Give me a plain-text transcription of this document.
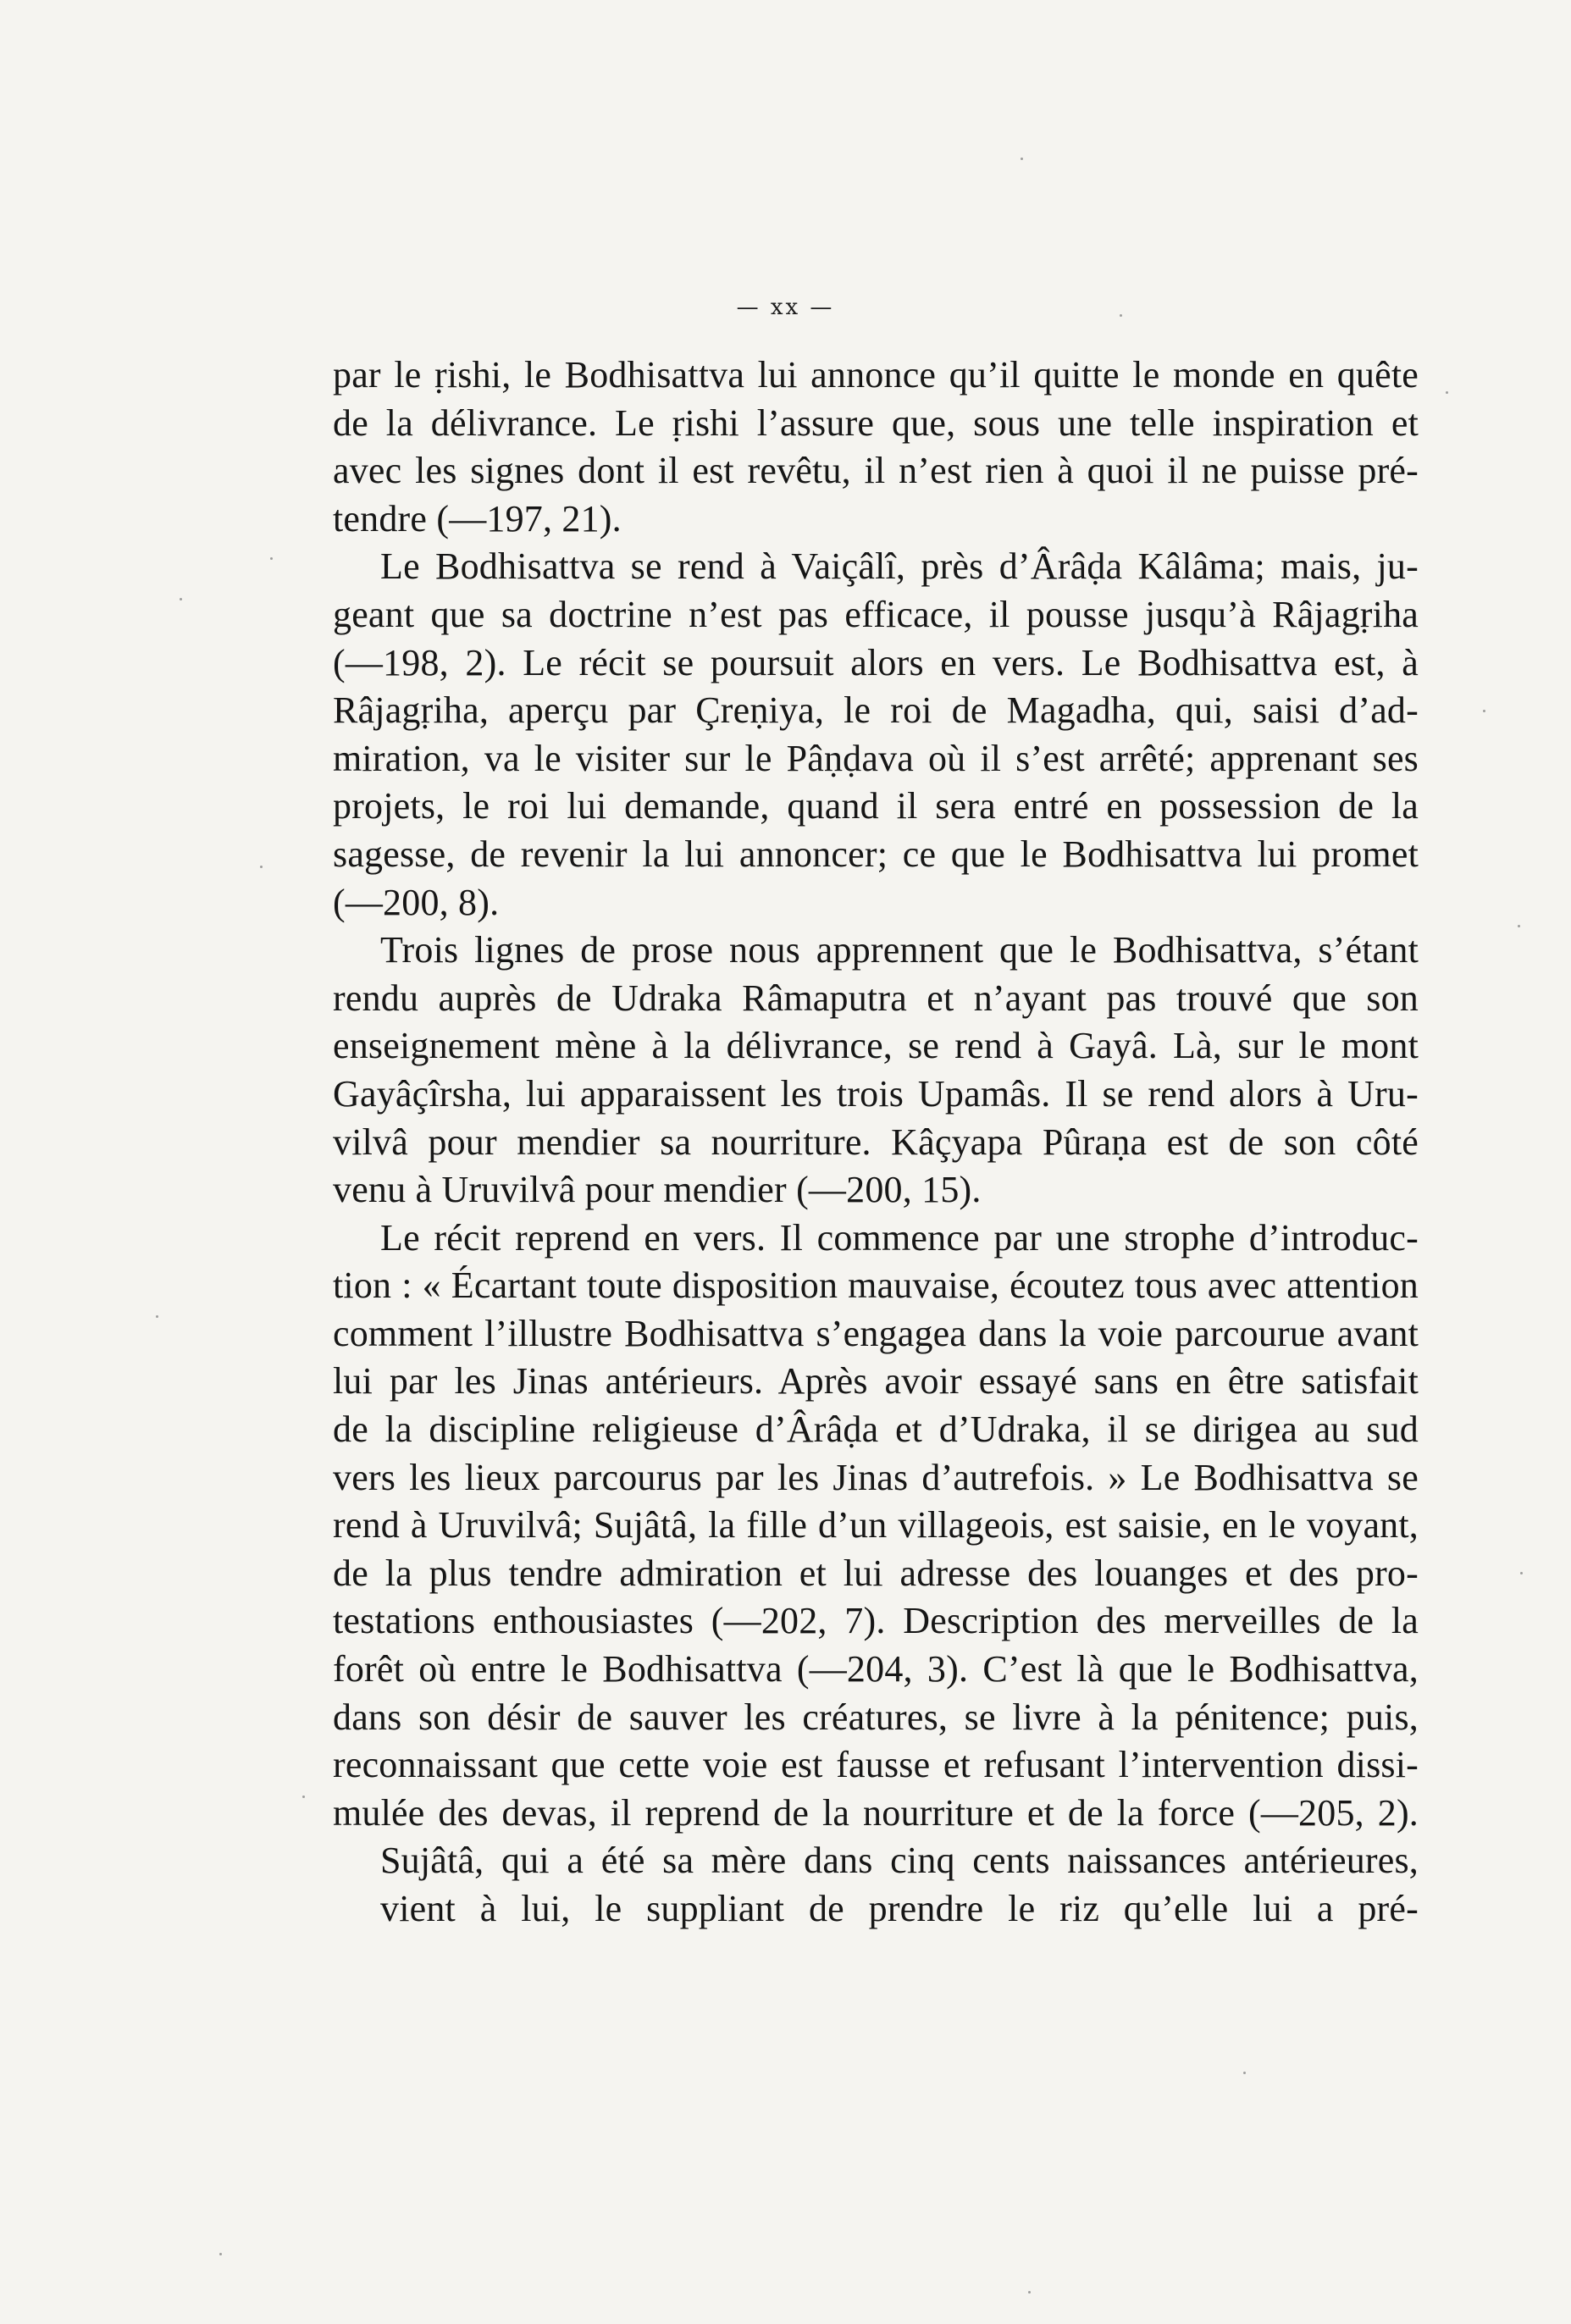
— xx —
par le ṛishi, le Bodhisattva lui annonce qu’il quitte le monde en quête
de la délivrance. Le ṛishi l’assure que, sous une telle inspiration et
avec les signes dont il est revêtu, il n’est rien à quoi il ne puisse pré-
tendre (—197, 21).
Le Bodhisattva se rend à Vaiçâlî, près d’Ârâḍa Kâlâma; mais, ju-
geant que sa doctrine n’est pas efficace, il pousse jusqu’à Râjagṛiha
(—198, 2). Le récit se poursuit alors en vers. Le Bodhisattva est, à
Râjagṛiha, aperçu par Çreṇiya, le roi de Magadha, qui, saisi d’ad-
miration, va le visiter sur le Pâṇḍava où il s’est arrêté; apprenant ses
projets, le roi lui demande, quand il sera entré en possession de la
sagesse, de revenir la lui annoncer; ce que le Bodhisattva lui promet
(—200, 8).
Trois lignes de prose nous apprennent que le Bodhisattva, s’étant
rendu auprès de Udraka Râmaputra et n’ayant pas trouvé que son
enseignement mène à la délivrance, se rend à Gayâ. Là, sur le mont
Gayâçîrsha, lui apparaissent les trois Upamâs. Il se rend alors à Uru-
vilvâ pour mendier sa nourriture. Kâçyapa Pûraṇa est de son côté
venu à Uruvilvâ pour mendier (—200, 15).
Le récit reprend en vers. Il commence par une strophe d’introduc-
tion : « Écartant toute disposition mauvaise, écoutez tous avec attention
comment l’illustre Bodhisattva s’engagea dans la voie parcourue avant
lui par les Jinas antérieurs. Après avoir essayé sans en être satisfait
de la discipline religieuse d’Ârâḍa et d’Udraka, il se dirigea au sud
vers les lieux parcourus par les Jinas d’autrefois. » Le Bodhisattva se
rend à Uruvilvâ; Sujâtâ, la fille d’un villageois, est saisie, en le voyant,
de la plus tendre admiration et lui adresse des louanges et des pro-
testations enthousiastes (—202, 7). Description des merveilles de la
forêt où entre le Bodhisattva (—204, 3). C’est là que le Bodhisattva,
dans son désir de sauver les créatures, se livre à la pénitence; puis,
reconnaissant que cette voie est fausse et refusant l’intervention dissi-
mulée des devas, il reprend de la nourriture et de la force (—205, 2).
Sujâtâ, qui a été sa mère dans cinq cents naissances antérieures,
vient à lui, le suppliant de prendre le riz qu’elle lui a pré-
